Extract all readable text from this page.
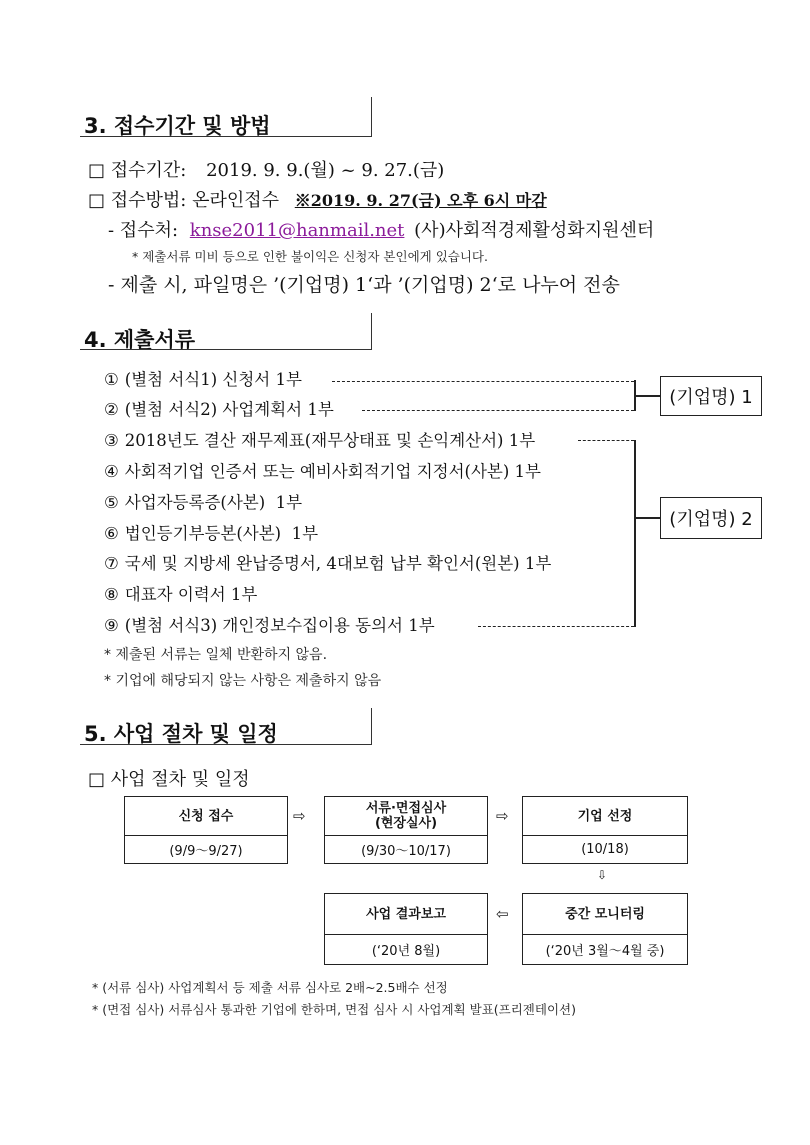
3. 접수기간 및 방법
□ 접수기간: 2019. 9. 9.(월) ~ 9. 27.(금)
□ 접수방법: 온라인접수 ※2019. 9. 27(금) 오후 6시 마감
- 접수처: knse2011@hanmail.net (사)사회적경제활성화지원센터
* 제출서류 미비 등으로 인한 불이익은 신청자 본인에게 있습니다.
- 제출 시, 파일명은 ’(기업명) 1‘과 ’(기업명) 2‘로 나누어 전송
4. 제출서류
① (별첨 서식1) 신청서 1부
② (별첨 서식2) 사업계획서 1부
③ 2018년도 결산 재무제표(재무상태표 및 손익계산서) 1부
④ 사회적기업 인증서 또는 예비사회적기업 지정서(사본) 1부
⑤ 사업자등록증(사본)  1부
⑥ 법인등기부등본(사본)  1부
⑦ 국세 및 지방세 완납증명서, 4대보험 납부 확인서(원본) 1부
⑧ 대표자 이력서 1부
⑨ (별첨 서식3) 개인정보수집이용 동의서 1부
(기업명) 1
(기업명) 2
* 제출된 서류는 일체 반환하지 않음.
* 기업에 해당되지 않는 사항은 제출하지 않음
5. 사업 절차 및 일정
□ 사업 절차 및 일정
신청 접수
(9/9～9/27)
⇨	서류·면접심사
(현장실사)
(9/30～10/17)
⇨	기업 선정
(10/18)
⇩
중간 모니터링
(‘20년 3월～4월 중)
⇦
사업 결과보고
(‘20년 8월)
* (서류 심사) 사업계획서 등 제출 서류 심사로 2배~2.5배수 선정
* (면접 심사) 서류심사 통과한 기업에 한하며, 면접 심사 시 사업계획 발표(프리젠테이션)
